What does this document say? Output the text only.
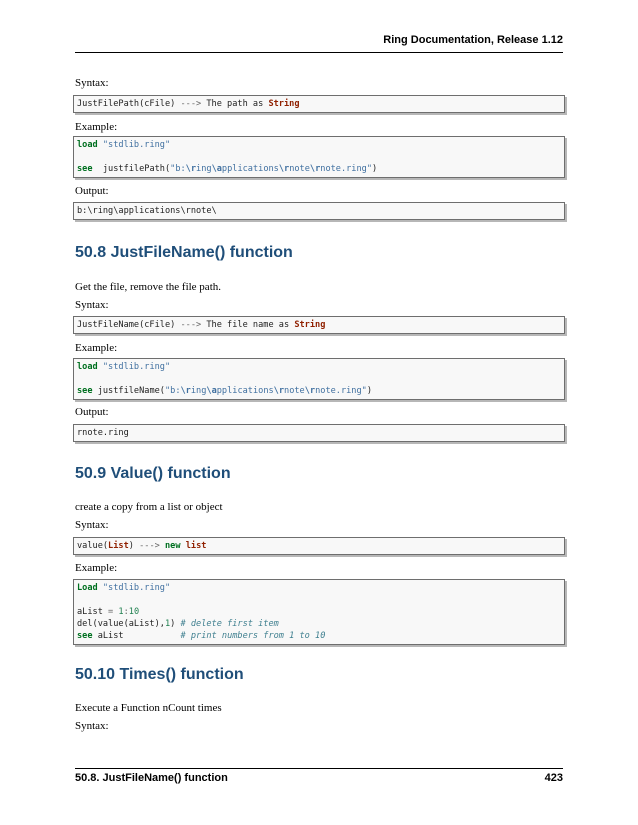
Ring Documentation, Release 1.12
Syntax:
JustFilePath(cFile) ---> The path as String
Example:
load "stdlib.ring"
see  justfilePath("b:\ring\applications\rnote\rnote.ring")
Output:
b:\ring\applications\rnote\
50.8 JustFileName() function
Get the file, remove the file path.
Syntax:
JustFileName(cFile) ---> The file name as String
Example:
load "stdlib.ring"
see justfileName("b:\ring\applications\rnote\rnote.ring")
Output:
rnote.ring
50.9 Value() function
create a copy from a list or object
Syntax:
value(List) ---> new list
Example:
Load "stdlib.ring"
aList = 1:10
del(value(aList),1) # delete first item
see aList           # print numbers from 1 to 10
50.10 Times() function
Execute a Function nCount times
Syntax:
50.8. JustFileName() function	423
